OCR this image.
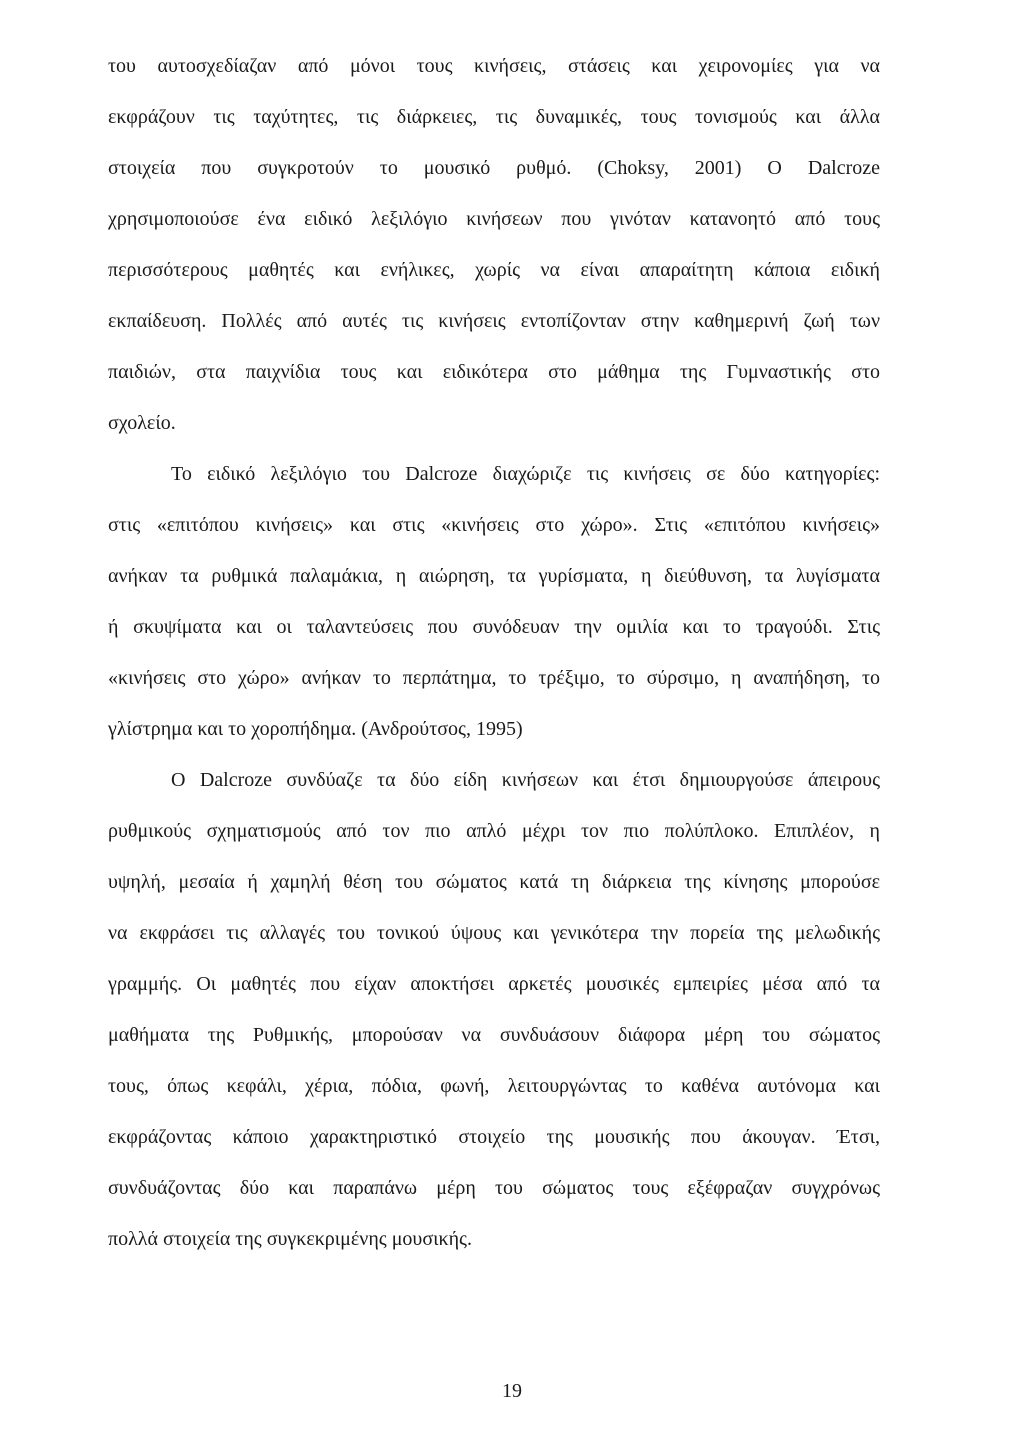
του αυτοσχεδίαζαν από μόνοι τους κινήσεις, στάσεις και χειρονομίες για να
εκφράζουν τις ταχύτητες, τις διάρκειες, τις δυναμικές, τους τονισμούς και άλλα
στοιχεία που συγκροτούν το μουσικό ρυθμό. (Choksy, 2001) Ο Dalcroze
χρησιμοποιούσε ένα ειδικό λεξιλόγιο κινήσεων που γινόταν κατανοητό από τους
περισσότερους μαθητές και ενήλικες, χωρίς να είναι απαραίτητη κάποια ειδική
εκπαίδευση. Πολλές από αυτές τις κινήσεις εντοπίζονταν στην καθημερινή ζωή των
παιδιών, στα παιχνίδια τους και ειδικότερα στο μάθημα της Γυμναστικής στο
σχολείο.
Το ειδικό λεξιλόγιο του Dalcroze διαχώριζε τις κινήσεις σε δύο κατηγορίες:
στις «επιτόπου κινήσεις» και στις «κινήσεις στο χώρο». Στις «επιτόπου κινήσεις»
ανήκαν τα ρυθμικά παλαμάκια, η αιώρηση, τα γυρίσματα, η διεύθυνση, τα λυγίσματα
ή σκυψίματα και οι ταλαντεύσεις που συνόδευαν την ομιλία και το τραγούδι. Στις
«κινήσεις στο χώρο» ανήκαν το περπάτημα, το τρέξιμο, το σύρσιμο, η αναπήδηση, το
γλίστρημα και το χοροπήδημα. (Ανδρούτσος, 1995)
Ο Dalcroze συνδύαζε τα δύο είδη κινήσεων και έτσι δημιουργούσε άπειρους
ρυθμικούς σχηματισμούς από τον πιο απλό μέχρι τον πιο πολύπλοκο. Επιπλέον, η
υψηλή, μεσαία ή χαμηλή θέση του σώματος κατά τη διάρκεια της κίνησης μπορούσε
να εκφράσει τις αλλαγές του τονικού ύψους και γενικότερα την πορεία της μελωδικής
γραμμής. Οι μαθητές που είχαν αποκτήσει αρκετές μουσικές εμπειρίες μέσα από τα
μαθήματα της Ρυθμικής, μπορούσαν να συνδυάσουν διάφορα μέρη του σώματος
τους, όπως κεφάλι, χέρια, πόδια, φωνή, λειτουργώντας το καθένα αυτόνομα και
εκφράζοντας κάποιο χαρακτηριστικό στοιχείο της μουσικής που άκουγαν. Έτσι,
συνδυάζοντας δύο και παραπάνω μέρη του σώματος τους εξέφραζαν συγχρόνως
πολλά στοιχεία της συγκεκριμένης μουσικής.
19
